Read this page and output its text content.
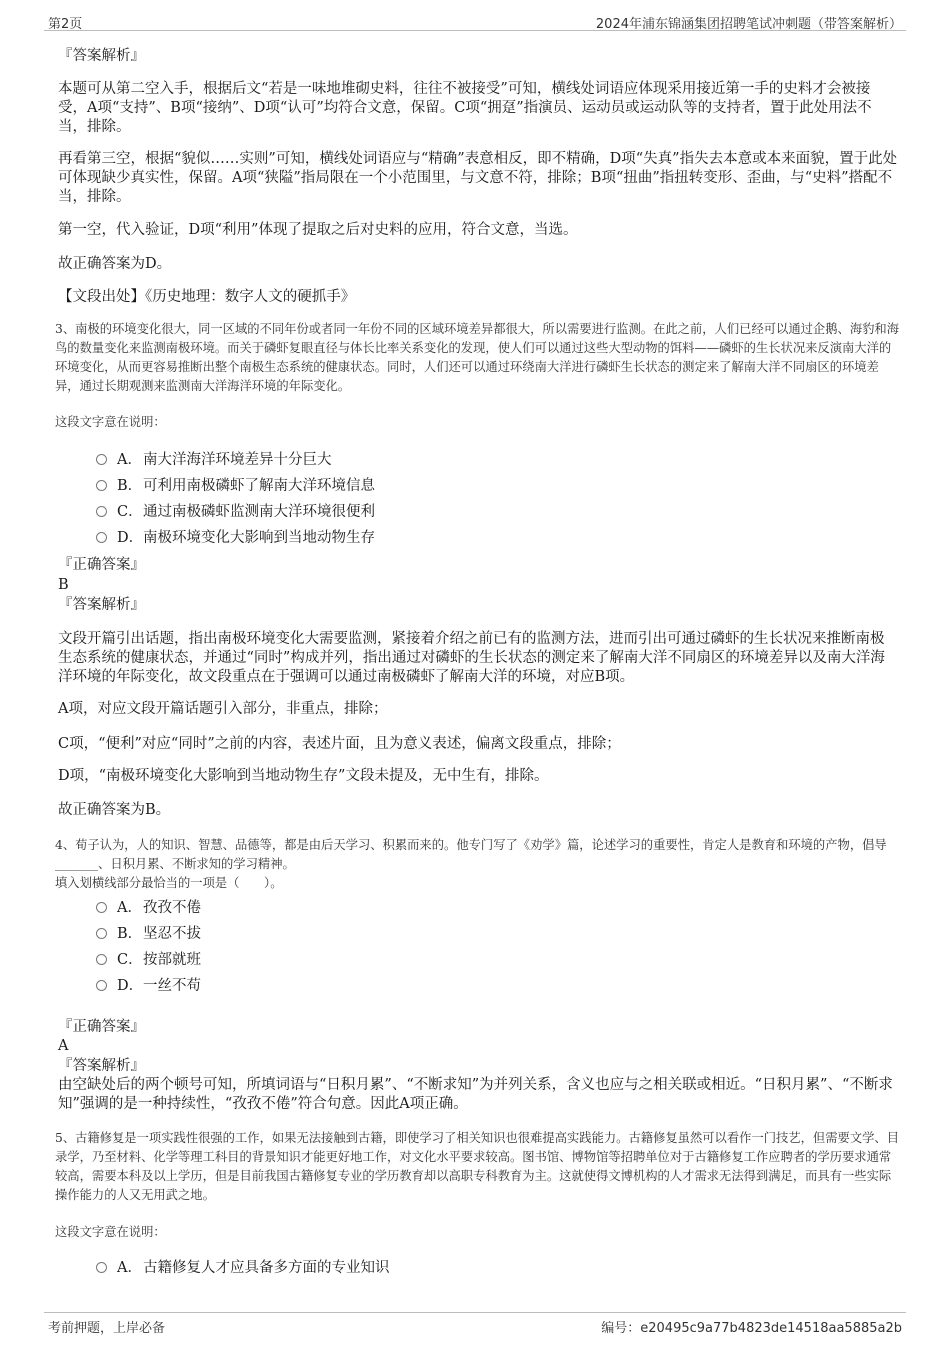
第2页	2024年浦东锦涵集团招聘笔试冲刺题（带答案解析）
『答案解析』
本题可从第二空入手，根据后文“若是一味地堆砌史料，往往不被接受”可知，横线处词语应体现采用接近第一手的史料才会被接受，A项“支持”、B项“接纳”、D项“认可”均符合文意，保留。C项“拥趸”指演员、运动员或运动队等的支持者，置于此处用法不当，排除。
再看第三空，根据“貌似……实则”可知，横线处词语应与“精确”表意相反，即不精确，D项“失真”指失去本意或本来面貌，置于此处可体现缺少真实性，保留。A项“狭隘”指局限在一个小范围里，与文意不符，排除；B项“扭曲”指扭转变形、歪曲，与“史料”搭配不当，排除。
第一空，代入验证，D项“利用”体现了提取之后对史料的应用，符合文意，当选。
故正确答案为D。
【文段出处】《历史地理：数字人文的硬抓手》
3、南极的环境变化很大，同一区域的不同年份或者同一年份不同的区域环境差异都很大，所以需要进行监测。在此之前，人们已经可以通过企鹅、海豹和海鸟的数量变化来监测南极环境。而关于磷虾复眼直径与体长比率关系变化的发现，使人们可以通过这些大型动物的饵料——磷虾的生长状况来反演南大洋的环境变化，从而更容易推断出整个南极生态系统的健康状态。同时，人们还可以通过环绕南大洋进行磷虾生长状态的测定来了解南大洋不同扇区的环境差异，通过长期观测来监测南大洋海洋环境的年际变化。
这段文字意在说明：
A．南大洋海洋环境差异十分巨大
B．可利用南极磷虾了解南大洋环境信息
C．通过南极磷虾监测南大洋环境很便利
D．南极环境变化大影响到当地动物生存
『正确答案』
B
『答案解析』
文段开篇引出话题，指出南极环境变化大需要监测，紧接着介绍之前已有的监测方法，进而引出可通过磷虾的生长状况来推断南极生态系统的健康状态，并通过“同时”构成并列，指出通过对磷虾的生长状态的测定来了解南大洋不同扇区的环境差异以及南大洋海洋环境的年际变化，故文段重点在于强调可以通过南极磷虾了解南大洋的环境，对应B项。
A项，对应文段开篇话题引入部分，非重点，排除；
C项，“便利”对应“同时”之前的内容，表述片面，且为意义表述，偏离文段重点，排除；
D项，“南极环境变化大影响到当地动物生存”文段未提及，无中生有，排除。
故正确答案为B。
4、荀子认为，人的知识、智慧、品德等，都是由后天学习、积累而来的。他专门写了《劝学》篇，论述学习的重要性，肯定人是教育和环境的产物，倡导_______、日积月累、不断求知的学习精神。
填入划横线部分最恰当的一项是（　　）。
A．孜孜不倦
B．坚忍不拔
C．按部就班
D．一丝不苟
『正确答案』
A
『答案解析』
由空缺处后的两个顿号可知，所填词语与“日积月累”、“不断求知”为并列关系，含义也应与之相关联或相近。“日积月累”、“不断求知”强调的是一种持续性，“孜孜不倦”符合句意。因此A项正确。
5、古籍修复是一项实践性很强的工作，如果无法接触到古籍，即使学习了相关知识也很难提高实践能力。古籍修复虽然可以看作一门技艺，但需要文学、目录学，乃至材料、化学等理工科目的背景知识才能更好地工作，对文化水平要求较高。图书馆、博物馆等招聘单位对于古籍修复工作应聘者的学历要求通常较高，需要本科及以上学历，但是目前我国古籍修复专业的学历教育却以高职专科教育为主。这就使得文博机构的人才需求无法得到满足，而具有一些实际操作能力的人又无用武之地。
这段文字意在说明：
A．古籍修复人才应具备多方面的专业知识
考前押题，上岸必备	编号：e20495c9a77b4823de14518aa5885a2b
